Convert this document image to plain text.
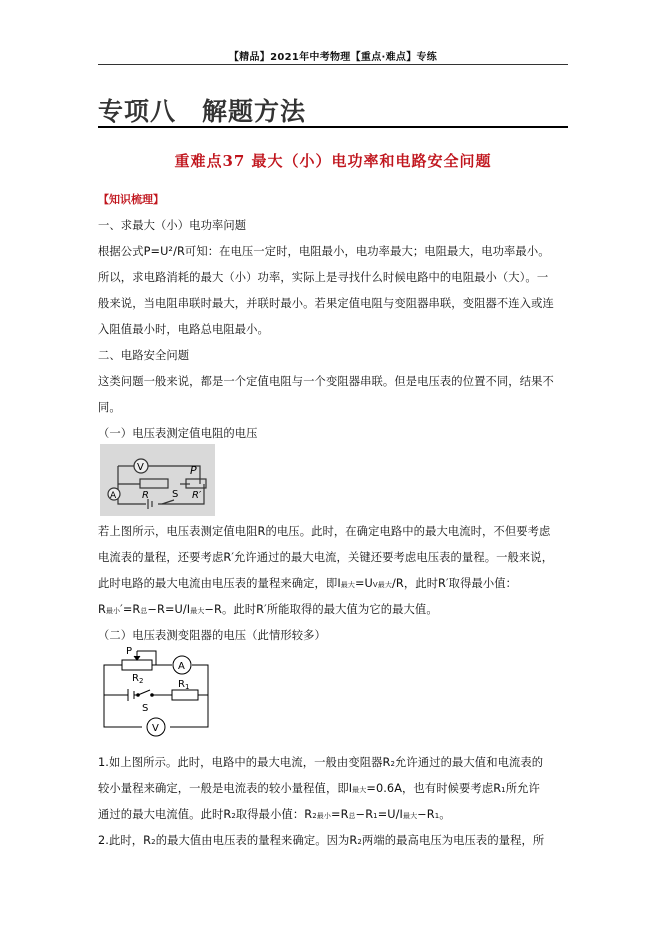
【精品】2021年中考物理【重点·难点】专练
专项八　解题方法
重难点37 最大（小）电功率和电路安全问题
【知识梳理】
一、求最大（小）电功率问题
根据公式P=U²/R可知：在电压一定时，电阻最小，电功率最大；电阻最大，电功率最小。
所以，求电路消耗的最大（小）功率，实际上是寻找什么时候电路中的电阻最小（大）。一
般来说，当电阻串联时最大，并联时最小。若果定值电阻与变阻器串联，变阻器不连入或连
入阻值最小时，电路总电阻最小。
二、电路安全问题
这类问题一般来说，都是一个定值电阻与一个变阻器串联。但是电压表的位置不同，结果不
同。
（一）电压表测定值电阻的电压
V
A
P
R	R′
S
若上图所示，电压表测定值电阻R的电压。此时，在确定电路中的最大电流时，不但要考虑
电流表的量程，还要考虑R′允许通过的最大电流，关键还要考虑电压表的量程。一般来说，
此时电路的最大电流由电压表的量程来确定，即I最大=UV最大/R，此时R′取得最小值：
R最小′=R总−R=U/I最大−R。此时R′所能取得的最大值为它的最大值。
（二）电压表测变阻器的电压（此情形较多）
P
A
$R_2$	$R_1$
S
V
1.如上图所示。此时，电路中的最大电流，一般由变阻器R2允许通过的最大值和电流表的
较小量程来确定，一般是电流表的较小量程值，即I最大=0.6A，也有时候要考虑R1所允许
通过的最大电流值。此时R2取得最小值：R2最小=R总−R1=U/I最大−R1。
2.此时，R2的最大值由电压表的量程来确定。因为R2两端的最高电压为电压表的量程，所
